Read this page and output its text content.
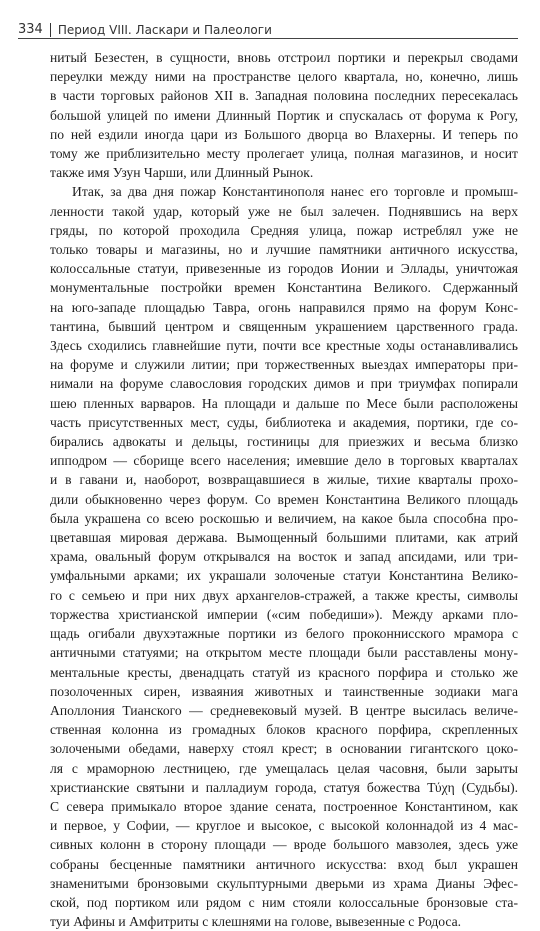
334 Период VIII. Ласкари и Палеологи
нитый Безестен, в сущности, вновь отстроил портики и перекрыл сводами
переулки между ними на пространстве целого квартала, но, конечно, лишь
в части торговых районов XII в. Западная половина последних пересекалась
большой улицей по имени Длинный Портик и спускалась от форума к Рогу,
по ней ездили иногда цари из Большого дворца во Влахерны. И теперь по
тому же приблизительно месту пролегает улица, полная магазинов, и носит
также имя Узун Чарши, или Длинный Рынок.
Итак, за два дня пожар Константинополя нанес его торговле и промыш-
ленности такой удар, который уже не был залечен. Поднявшись на верх
гряды, по которой проходила Средняя улица, пожар истреблял уже не
только товары и магазины, но и лучшие памятники античного искусства,
колоссальные статуи, привезенные из городов Ионии и Эллады, уничтожая
монументальные постройки времен Константина Великого. Сдержанный
на юго-западе площадью Тавра, огонь направился прямо на форум Конс-
тантина, бывший центром и священным украшением царственного града.
Здесь сходились главнейшие пути, почти все крестные ходы останавливались
на форуме и служили литии; при торжественных выездах императоры при-
нимали на форуме славословия городских димов и при триумфах попирали
шею пленных варваров. На площади и дальше по Месе были расположены
часть присутственных мест, суды, библиотека и академия, портики, где со-
бирались адвокаты и дельцы, гостиницы для приезжих и весьма близко
ипподром — сборище всего населения; имевшие дело в торговых кварталах
и в гавани и, наоборот, возвращавшиеся в жилые, тихие кварталы прохо-
дили обыкновенно через форум. Со времен Константина Великого площадь
была украшена со всею роскошью и величием, на какое была способна про-
цветавшая мировая держава. Вымощенный большими плитами, как атрий
храма, овальный форум открывался на восток и запад апсидами, или три-
умфальными арками; их украшали золоченые статуи Константина Велико-
го с семьею и при них двух архангелов-стражей, а также кресты, символы
торжества христианской империи («сим победиши»). Между арками пло-
щадь огибали двухэтажные портики из белого проконнисского мрамора с
античными статуями; на открытом месте площади были расставлены мону-
ментальные кресты, двенадцать статуй из красного порфира и столько же
позолоченных сирен, изваяния животных и таинственные зодиаки мага
Аполлония Тианского — средневековый музей. В центре высилась величе-
ственная колонна из громадных блоков красного порфира, скрепленных
золочеными обедами, наверху стоял крест; в основании гигантского цоко-
ля с мраморною лестницею, где умещалась целая часовня, были зарыты
христианские святыни и палладиум города, статуя божества Τύχη (Судьбы).
С севера примыкало второе здание сената, построенное Константином, как
и первое, у Софии, — круглое и высокое, с высокой колоннадой из 4 мас-
сивных колонн в сторону площади — вроде большого мавзолея, здесь уже
собраны бесценные памятники античного искусства: вход был украшен
знаменитыми бронзовыми скульптурными дверьми из храма Дианы Эфес-
ской, под портиком или рядом с ним стояли колоссальные бронзовые ста-
туи Афины и Амфитриты с клешнями на голове, вывезенные с Родоса.
